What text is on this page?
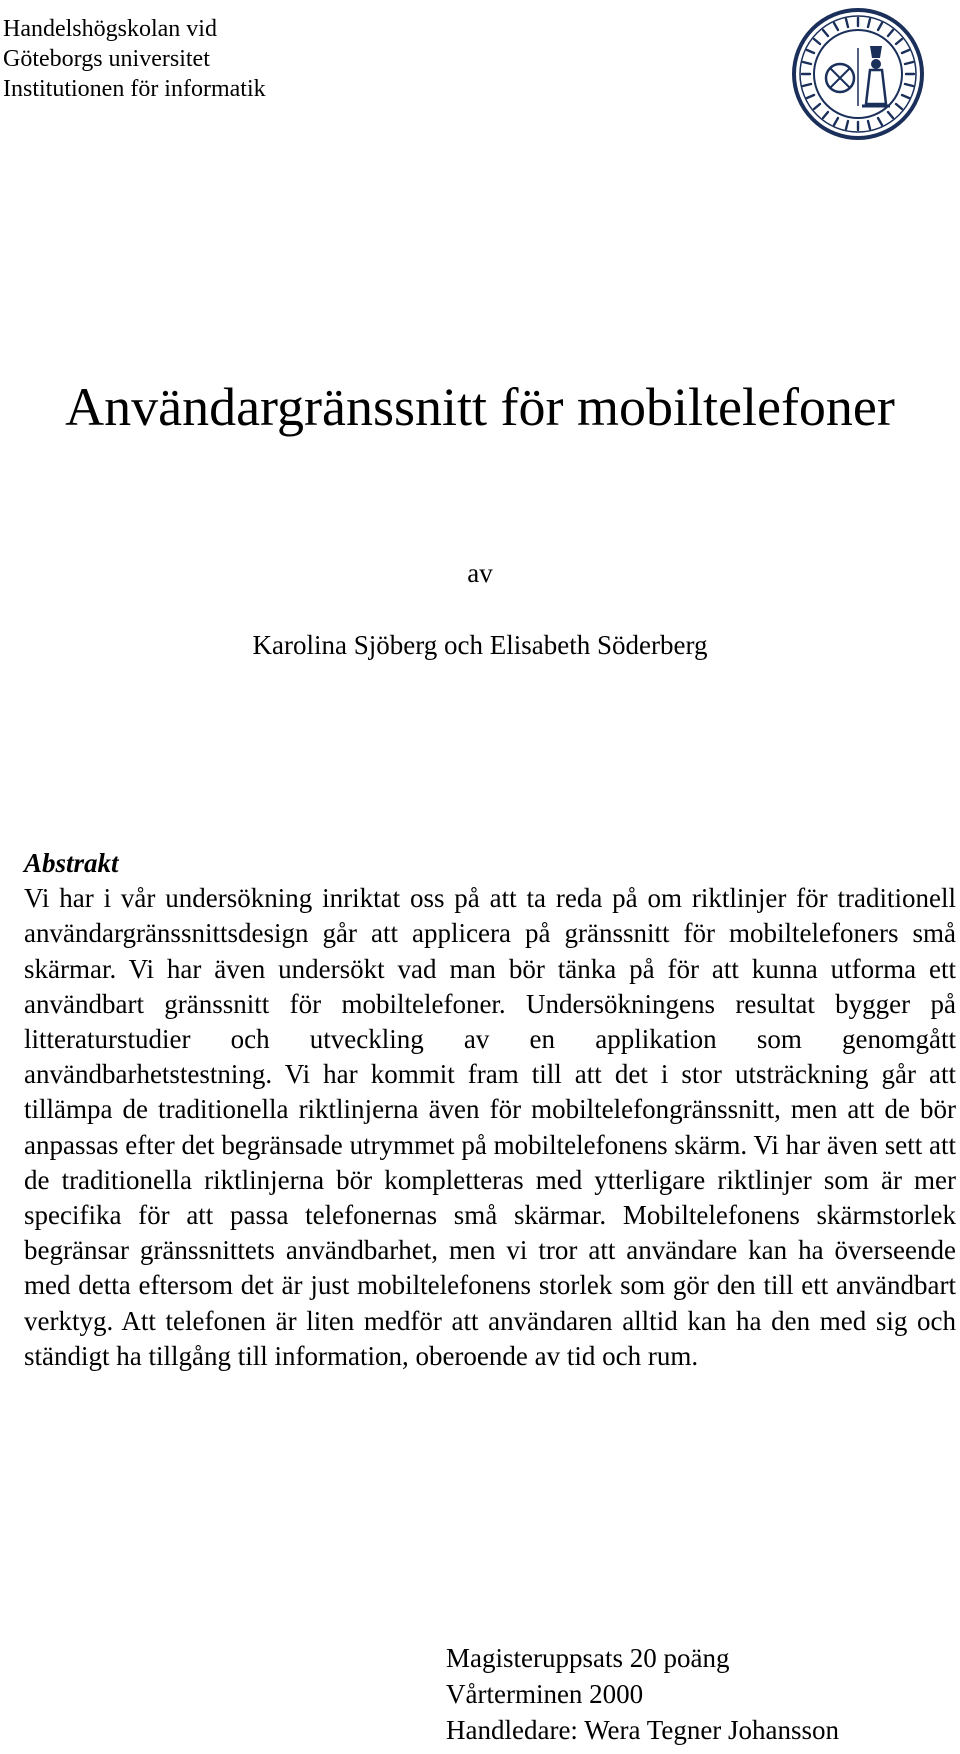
Handelshögskolan vid
Göteborgs universitet
Institutionen för informatik
Användargränssnitt för mobiltelefoner
av
Karolina Sjöberg och Elisabeth Söderberg
Abstrakt

Vi har i vår undersökning inriktat oss på att ta reda på om riktlinjer för traditionell användargränssnittsdesign går att applicera på gränssnitt för mobiltelefoners små skärmar. Vi har även undersökt vad man bör tänka på för att kunna utforma ett användbart gränssnitt för mobiltelefoner. Undersökningens resultat bygger på litteraturstudier och utveckling av en applikation som genomgått användbarhetstestning. Vi har kommit fram till att det i stor utsträckning går att tillämpa de traditionella riktlinjerna även för mobiltelefongränssnitt, men att de bör anpassas efter det begränsade utrymmet på mobiltelefonens skärm. Vi har även sett att de traditionella riktlinjerna bör kompletteras med ytterligare riktlinjer som är mer specifika för att passa telefonernas små skärmar. Mobiltelefonens skärmstorlek begränsar gränssnittets användbarhet, men vi tror att användare kan ha överseende med detta eftersom det är just mobiltelefonens storlek som gör den till ett användbart verktyg. Att telefonen är liten medför att användaren alltid kan ha den med sig och ständigt ha tillgång till information, oberoende av tid och rum.

Magisteruppsats 20 poäng
Vårterminen 2000
Handledare: Wera Tegner Johansson
